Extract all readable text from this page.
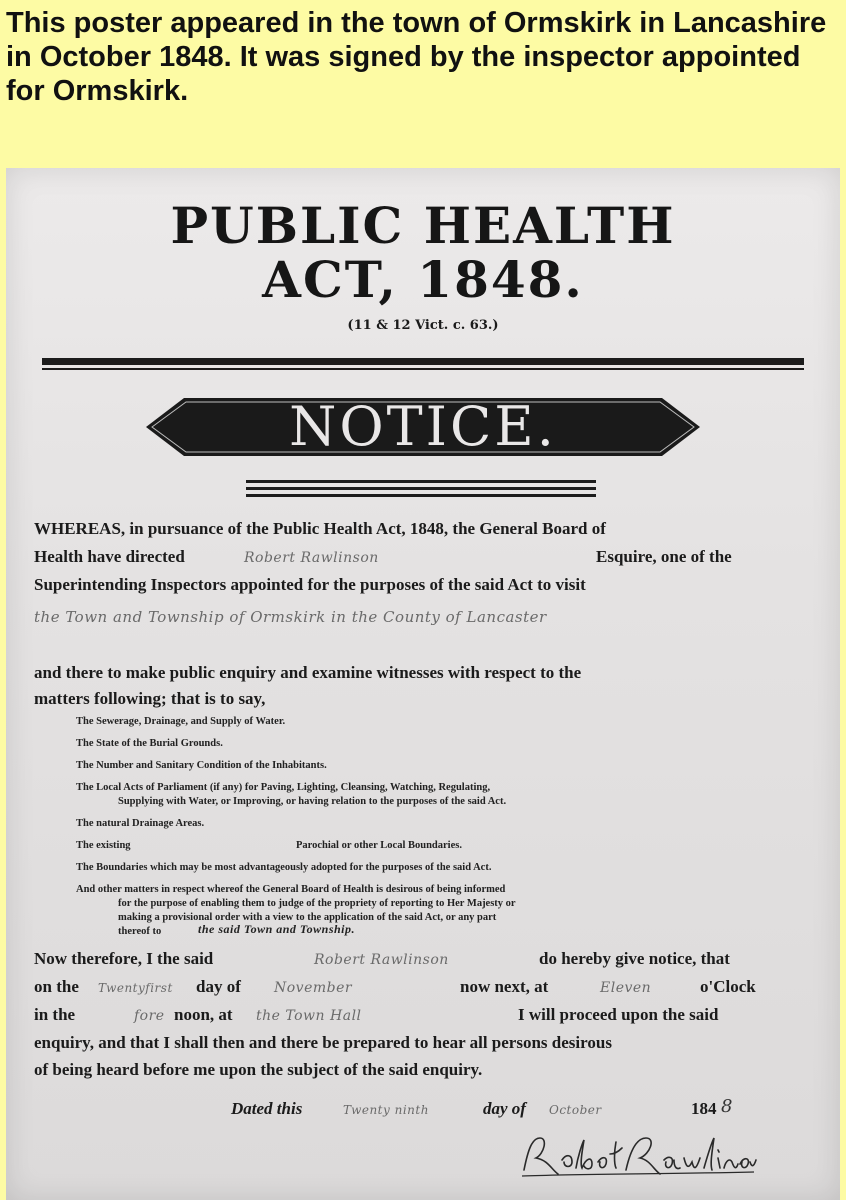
This poster appeared in the town of Ormskirk in Lancashire in October 1848. It was signed by the inspector appointed for Ormskirk.

PUBLIC HEALTH
ACT, 1848.
(11 & 12 Vict. c. 63.)
NOTICE.
WHEREAS, in pursuance of the Public Health Act, 1848, the General Board of
Health have directed	Robert Rawlinson	Esquire, one of the
Superintending Inspectors appointed for the purposes of the said Act to visit
the Town and Township of Ormskirk in the County of Lancaster
and there to make public enquiry and examine witnesses with respect to the
matters following; that is to say,
The Sewerage, Drainage, and Supply of Water.
The State of the Burial Grounds.
The Number and Sanitary Condition of the Inhabitants.
The Local Acts of Parliament (if any) for Paving, Lighting, Cleansing, Watching, Regulating,
Supplying with Water, or Improving, or having relation to the purposes of the said Act.
The natural Drainage Areas.
The existing	Parochial or other Local Boundaries.
The Boundaries which may be most advantageously adopted for the purposes of the said Act.
And other matters in respect whereof the General Board of Health is desirous of being informed
for the purpose of enabling them to judge of the propriety of reporting to Her Majesty or
making a provisional order with a view to the application of the said Act, or any part
thereof to	the said Town and Township.
Now therefore, I the said	Robert Rawlinson	do hereby give notice, that
on the Twentyfirst day of November	now next, at	Eleven	o'Clock
in the	fore noon, at the Town Hall	I will proceed upon the said
enquiry, and that I shall then and there be prepared to hear all persons desirous
of being heard before me upon the subject of the said enquiry.
Dated this	Twenty ninth	day of October	184 8
